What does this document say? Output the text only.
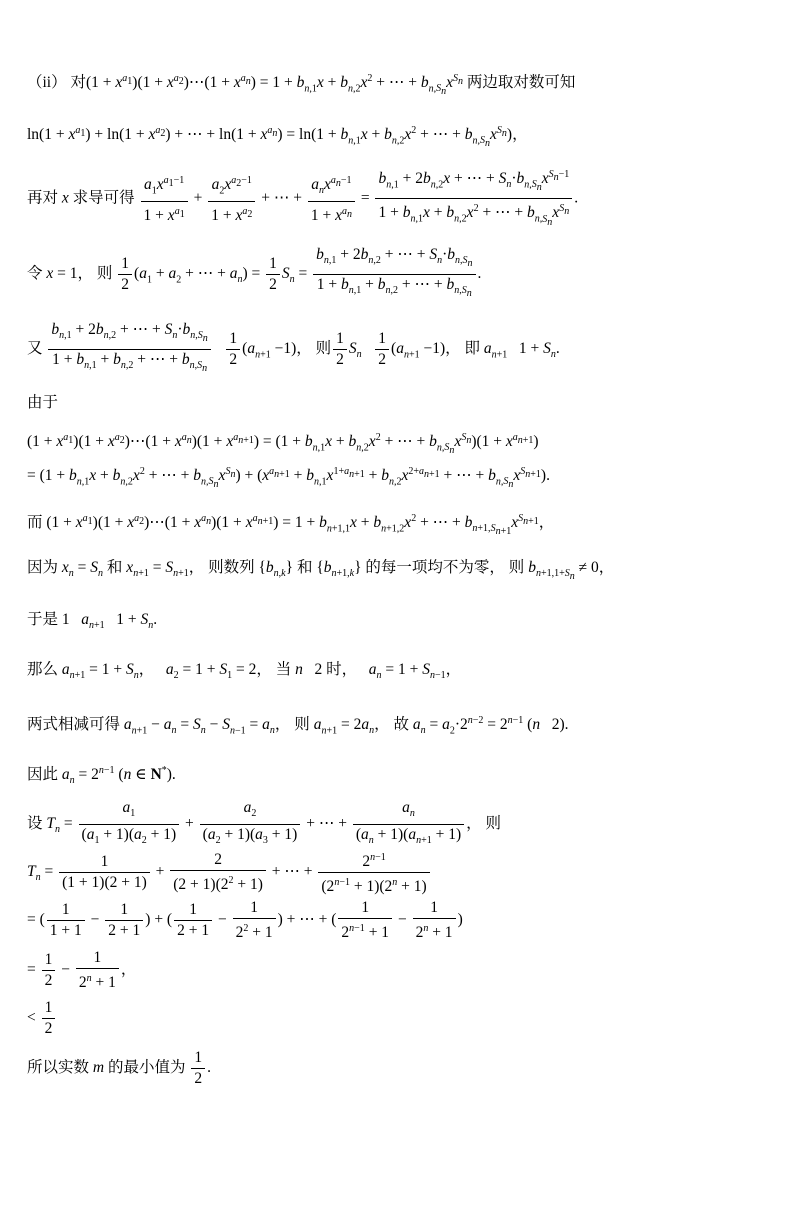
（ii） 对$(1 + x^{a_1})(1$ + $x^{a_2})\cdots(1 + x^{a_n}) = 1 + b_{n,1}x + b_{n,2}x^2$ + ⋯ + $b_{n,S_n}x^{S_n}$ 两边取对数可知
$\ln(1 + x^{a_1}) + \ln(1 + x^{a_2})$ + ⋯ + $\ln(1 + x^{a_n}) = \ln(1 + b_{n,1}x + b_{n,2}x^2$ + ⋯ + $b_{n,S_n}x^{S_n}$)，
再对 x 求导可得 $\frac{a_1x^{a_1-1}}{1 + x^{a_1}} + \frac{a_2x^{a_2-1}}{1 + x^{a_2}}$ + ⋯ + $\frac{a_nx^{a_n-1}}{1 + x^{a_n}} = \frac{b_{n,1} + 2b_{n,2}x + \cdots + S_n\cdot b_{n,S_n}x^{S_n-1}}{1 + b_{n,1}x + b_{n,2}x^2 + \cdots + b_{n,S_n}x^{S_n}}$ .
令 x = 1， 则 $\frac{1}{2} (a_1 + a_2$ + ⋯ + $a_n) = \frac{1}{2} S_n = \frac{b_{n,1} + 2b_{n,2} + \cdots + S_n\cdot b_{n,S_n}}{1 + b_{n,1} + b_{n,2} + \cdots + b_{n,S_n}}$ .
又 $\frac{b_{n,1} + 2b_{n,2} + \cdots + S_n\cdot b_{n,S_n}}{1 + b_{n,1} + b_{n,2} + \cdots + b_{n,S_n}}$
$\frac{1}{2} (a_{n+1} -1)$， 则 $\frac{1}{2} S_n \frac{1}{2} (a_{n+1} -1)$， 即 $a_{n+1}$   $1 + S_n$.
由于
$(1 + x^{a_1})(1$ + $x^{a_2})\cdots(1 + x^{a_n})(1 + x^{a_{n+1}}) = (1 + b_{n,1}x + b_{n,2}x^2$ + ⋯ + $b_{n,S_n}x^{S_n})(1 + x^{a_{n+1}})$
= ($1 + b_{n,1}x + b_{n,2}x^2$ + ⋯ + $b_{n,S_n}x^{S_n}) + (x^{a_{n+1}} + b_{n,1}x^{1+a_{n+1}} + b_{n,2}x^{2+a_{n+1}}$ + ⋯ + $b_{n,S_n}x^{S_{n+1}}$).
而 $(1 + x^{a_1})(1$ + $x^{a_2})\cdots(1 + x^{a_n})(1 + x^{a_{n+1}}) = 1 + b_{n+1,1}x + b_{n+1,2}x^2$ + ⋯ + $b_{n+1,S_{n+1}}x^{S_{n+1}}$，
因为 $x_n = S_n$ 和 $x_{n+1} = S_{n+1}$， 则数列 $\{b_{n,k}\}$ 和 $\{b_{n+1,k}\}$ 的每一项均不为零， 则 $b_{n+1,1+S_n} \ne 0$，
于是 1   $a_{n+1}$   $1 + S_n$.
那么 $a_{n+1} = 1 + S_n$，   $a_2 = 1 + S_1 = 2$， 当 n   2 时，   $a_n = 1 + S_{n-1}$，
两式相减可得 $a_{n+1} - a_n = S_n - S_{n-1} = a_n$， 则 $a_{n+1} = 2a_n$， 故 $a_n = a_2\cdot 2^{n-2} = 2^{n-1}$ (n   2).
因此 $a_n = 2^{n-1}$ (n ∈ N*).
设 $T_n = \frac{a_1}{(a_1 + 1)(a_2 + 1)} + \frac{a_2}{(a_2 + 1)(a_3 + 1)}$ + ⋯ + $\frac{a_n}{(a_n + 1)(a_{n+1} + 1)}$ ， 则
$T_n = \frac{1}{(1 + 1)(2 + 1)} + \frac{2}{(2 + 1)(2^2 + 1)}$ + ⋯ + $\frac{2^{n-1}}{(2^{n-1} + 1)(2^n + 1)}$
= ( $\frac{1}{1 + 1} - \frac{1}{2 + 1}$ ) + ( $\frac{1}{2 + 1} - \frac{1}{2^2 + 1}$ ) + ⋯ + ( $\frac{1}{2^{n-1} + 1} - \frac{1}{2^n + 1}$ )
= $\frac{1}{2} - \frac{1}{2^n + 1}$ ，
< $\frac{1}{2}$
所以实数 m 的最小值为 $\frac{1}{2}$ .
